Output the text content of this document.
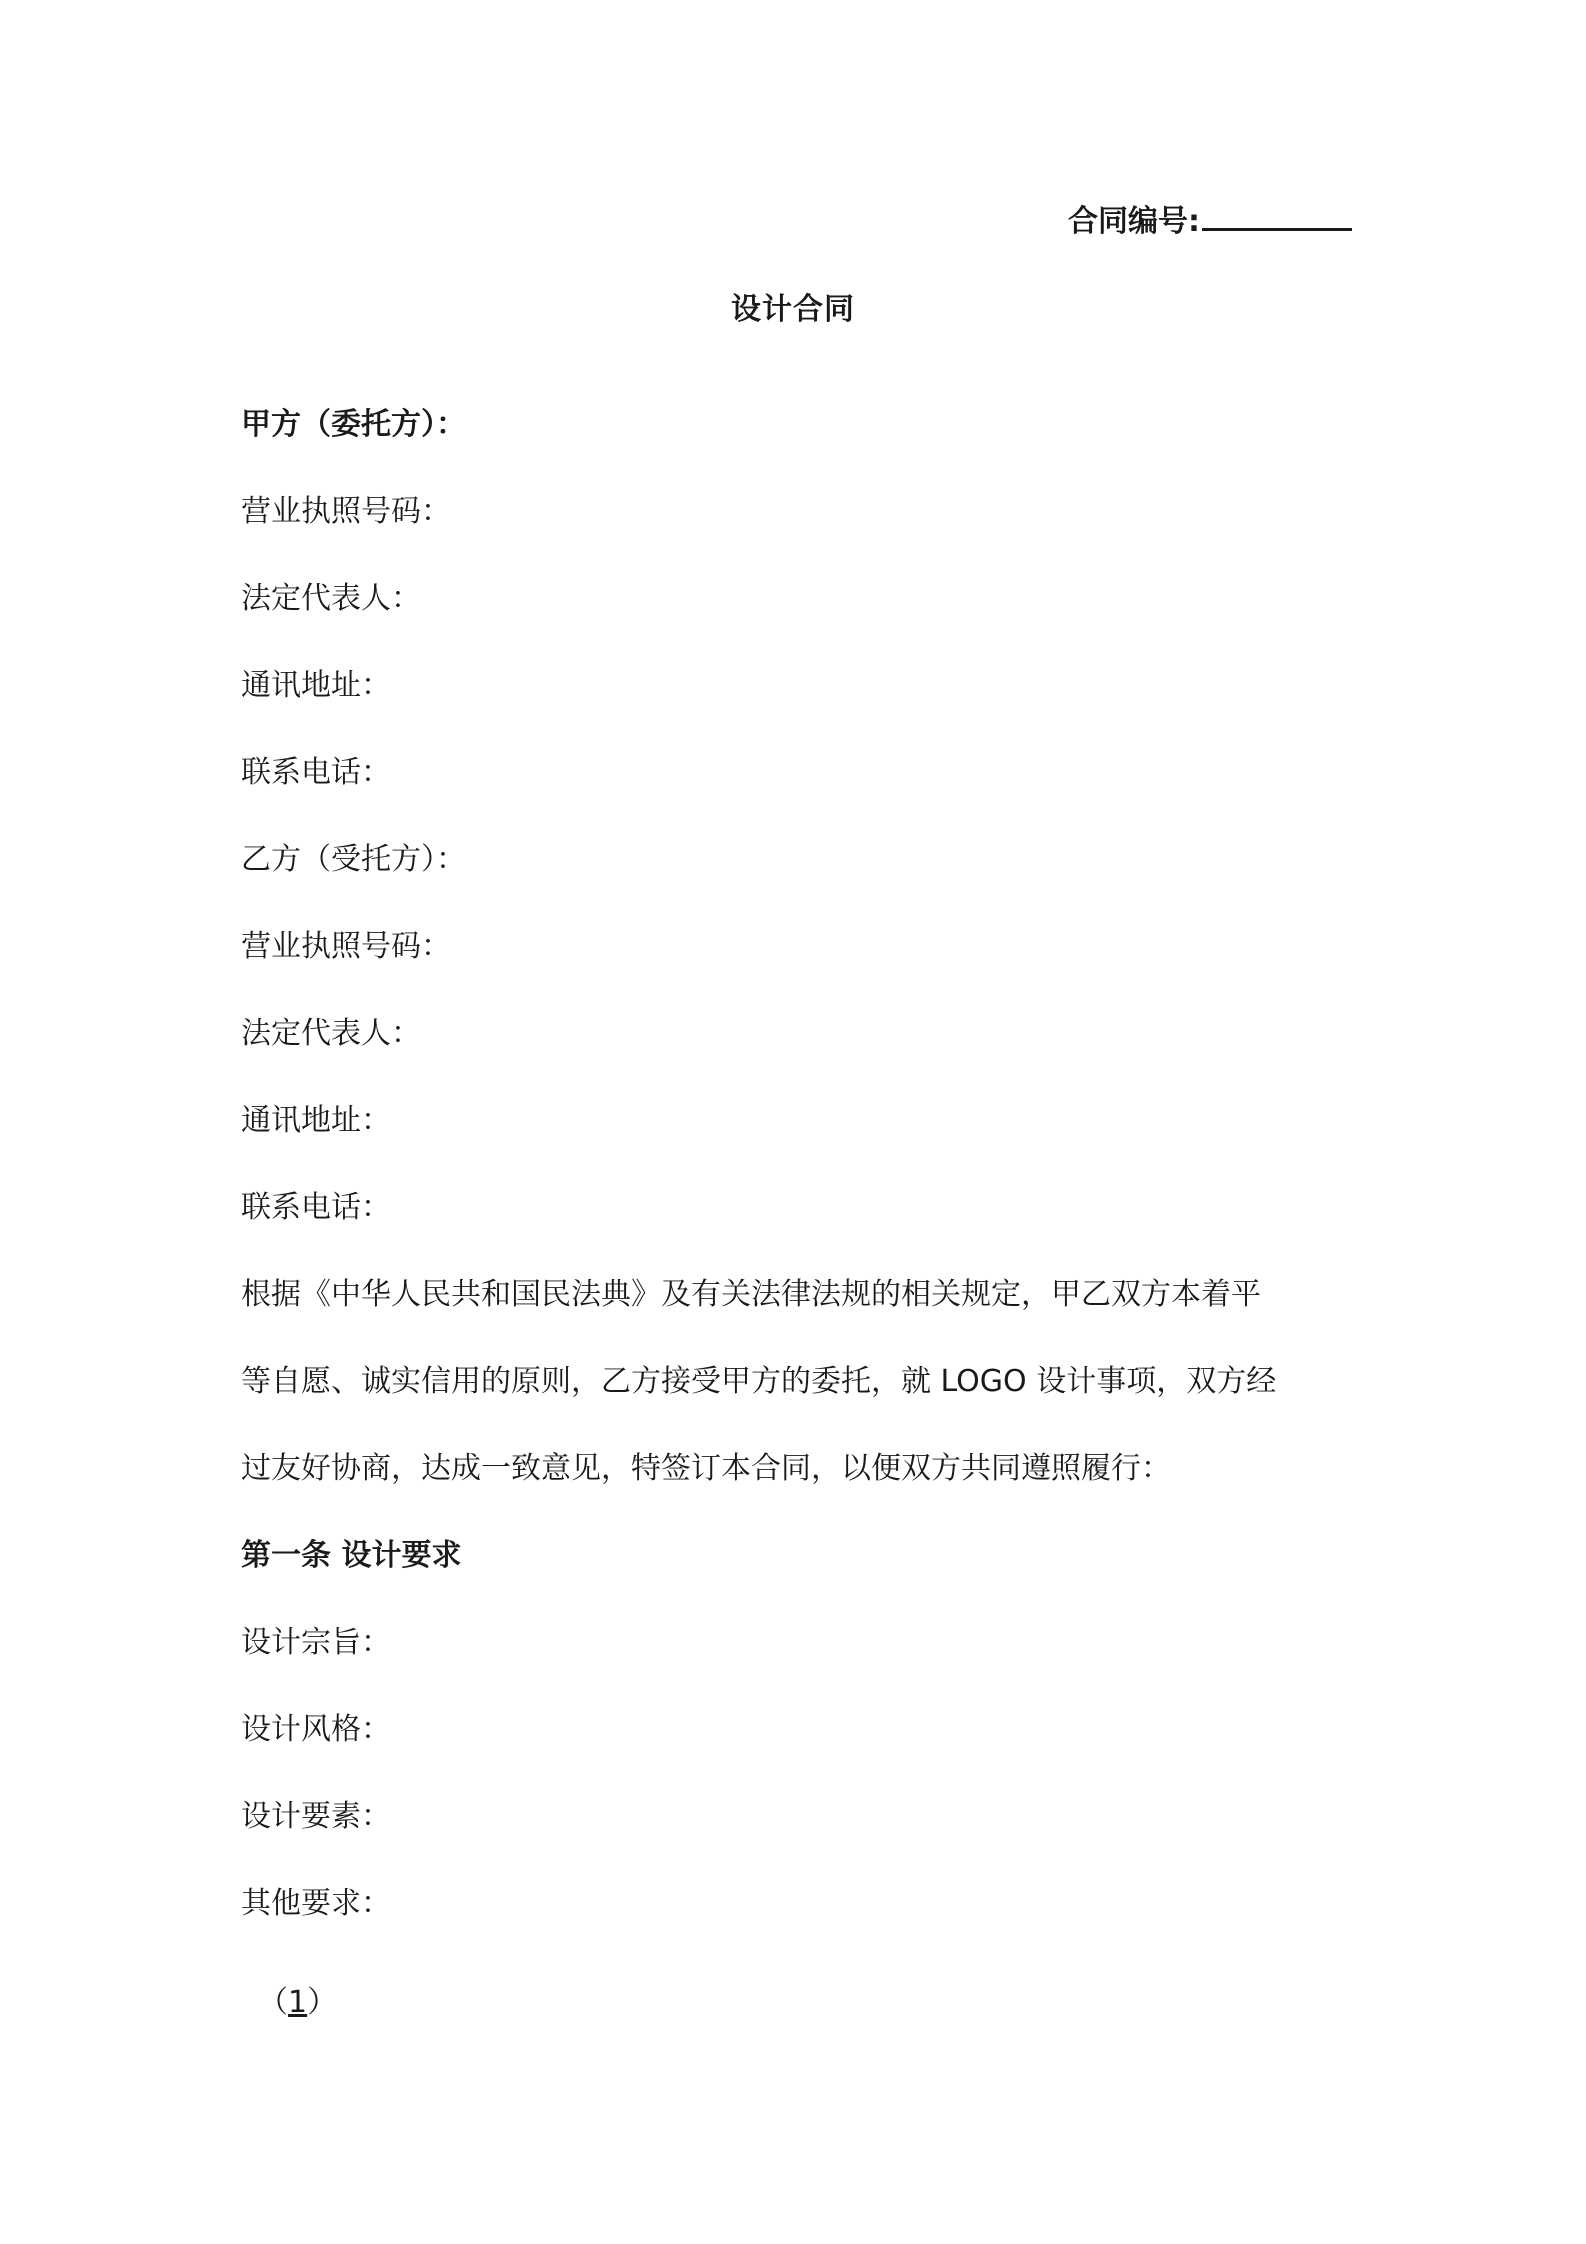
合同编号:
设计合同
甲方（委托方）：
营业执照号码：
法定代表人：
通讯地址：
联系电话：
乙方（受托方）：
营业执照号码：
法定代表人：
通讯地址：
联系电话：
根据《中华人民共和国民法典》及有关法律法规的相关规定，甲乙双方本着平
等自愿、诚实信用的原则，乙方接受甲方的委托，就 LOGO 设计事项，双方经
过友好协商，达成一致意见，特签订本合同，以便双方共同遵照履行：
第一条 设计要求
设计宗旨：
设计风格：
设计要素：
其他要求：
（1）
